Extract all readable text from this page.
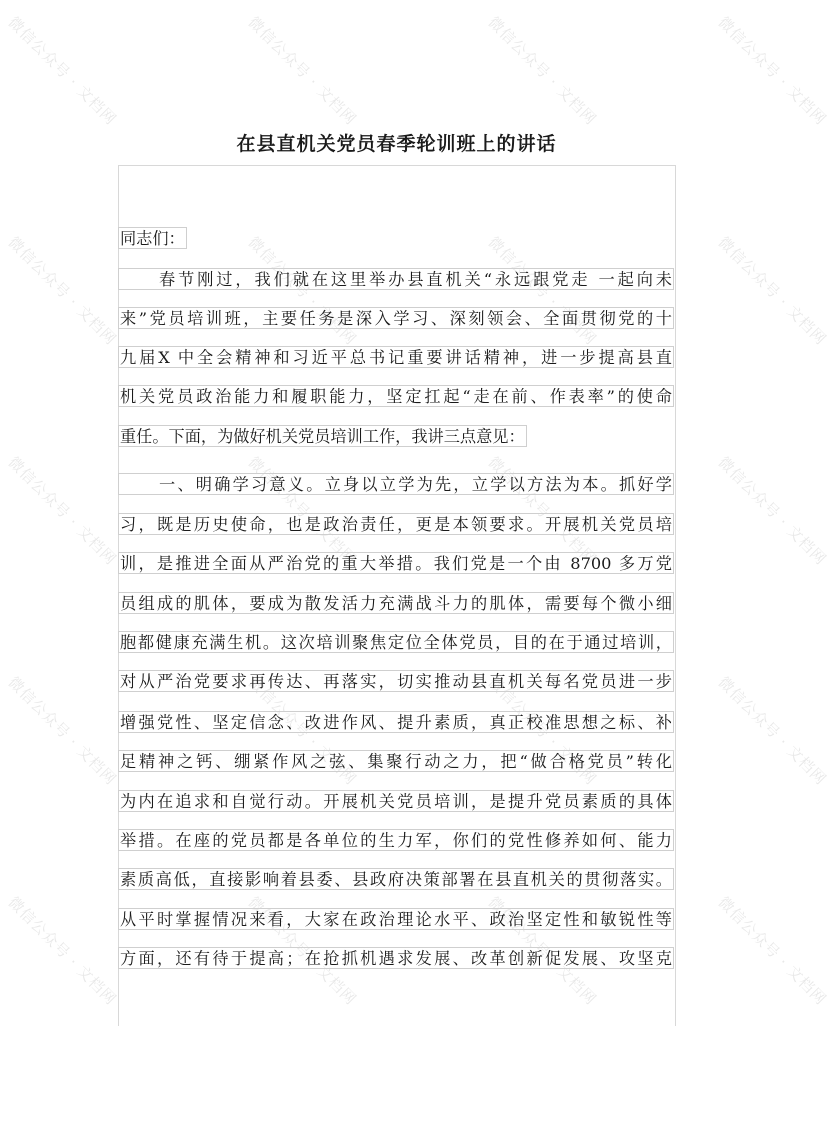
微信公众号 · 文档网	微信公众号 · 文档网	微信公众号 · 文档网	微信公众号 · 文档网
微信公众号 · 文档网	微信公众号 · 文档网	微信公众号 · 文档网	微信公众号 · 文档网
微信公众号 · 文档网	微信公众号 · 文档网	微信公众号 · 文档网	微信公众号 · 文档网
微信公众号 · 文档网	微信公众号 · 文档网	微信公众号 · 文档网	微信公众号 · 文档网
微信公众号 · 文档网	微信公众号 · 文档网	微信公众号 · 文档网	微信公众号 · 文档网
在县直机关党员春季轮训班上的讲话
同志们：
春节刚过，我们就在这里举办县直机关“永远跟党走 一起向未
来”党员培训班，主要任务是深入学习、深刻领会、全面贯彻党的十
九届X 中全会精神和习近平总书记重要讲话精神，进一步提高县直
机关党员政治能力和履职能力，坚定扛起“走在前、作表率”的使命
重任。下面，为做好机关党员培训工作，我讲三点意见：
一、明确学习意义。立身以立学为先，立学以方法为本。抓好学
习，既是历史使命，也是政治责任，更是本领要求。开展机关党员培
训，是推进全面从严治党的重大举措。我们党是一个由 8700 多万党
员组成的肌体，要成为散发活力充满战斗力的肌体，需要每个微小细
胞都健康充满生机。这次培训聚焦定位全体党员，目的在于通过培训，
对从严治党要求再传达、再落实，切实推动县直机关每名党员进一步
增强党性、坚定信念、改进作风、提升素质，真正校准思想之标、补
足精神之钙、绷紧作风之弦、集聚行动之力，把“做合格党员”转化
为内在追求和自觉行动。开展机关党员培训，是提升党员素质的具体
举措。在座的党员都是各单位的生力军，你们的党性修养如何、能力
素质高低，直接影响着县委、县政府决策部署在县直机关的贯彻落实。
从平时掌握情况来看，大家在政治理论水平、政治坚定性和敏锐性等
方面，还有待于提高；在抢抓机遇求发展、改革创新促发展、攻坚克
